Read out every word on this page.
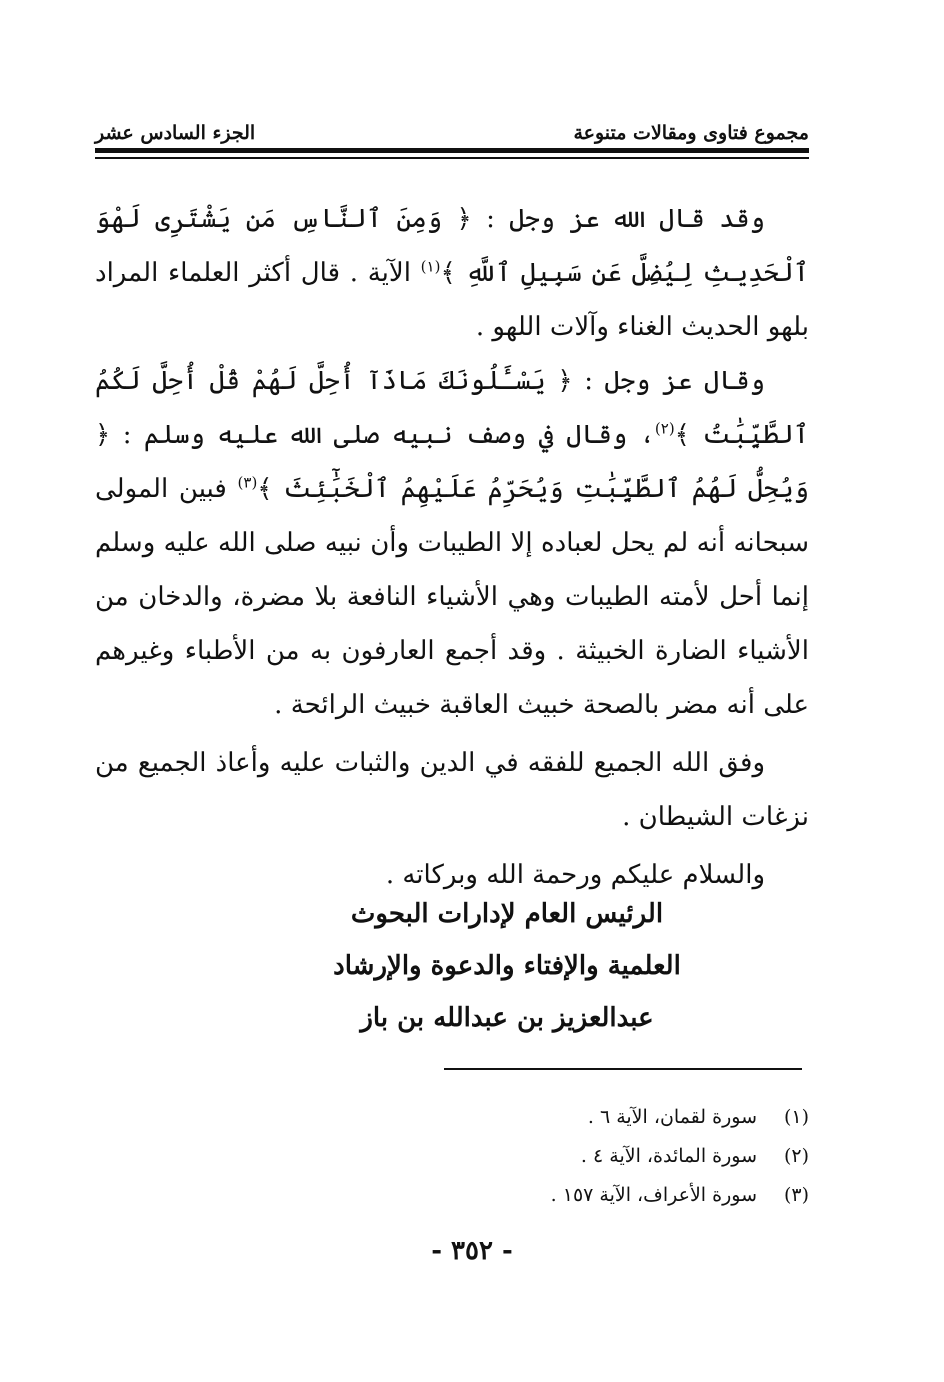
مجموع فتاوى ومقالات متنوعة
الجزء السادس عشر

وقد قال الله عز وجل : ﴿ وَمِنَ ٱلنَّاسِ مَن يَشْتَرِى لَهْوَ ٱلْحَدِيثِ لِيُضِلَّ عَن سَبِيلِ ٱللَّهِ ﴾$^{(١)}$ الآية . قال أكثر العلماء المراد بلهو الحديث الغناء وآلات اللهو .

وقال عز وجل : ﴿ يَسْـَٔلُونَكَ مَاذَآ أُحِلَّ لَهُمْ قُلْ أُحِلَّ لَكُمُ ٱلطَّيِّبَٰتُ ﴾$^{(٢)}$، وقال في وصف نبيه صلى الله عليه وسلم : ﴿ وَيُحِلُّ لَهُمُ ٱلطَّيِّبَٰتِ وَيُحَرِّمُ عَلَيْهِمُ ٱلْخَبَٰٓئِثَ ﴾$^{(٣)}$ فبين المولى سبحانه أنه لم يحل لعباده إلا الطيبات وأن نبيه صلى الله عليه وسلم إنما أحل لأمته الطيبات وهي الأشياء النافعة بلا مضرة، والدخان من الأشياء الضارة الخبيثة . وقد أجمع العارفون به من الأطباء وغيرهم على أنه مضر بالصحة خبيث العاقبة خبيث الرائحة .

وفق الله الجميع للفقه في الدين والثبات عليه وأعاذ الجميع من نزغات الشيطان .

والسلام عليكم ورحمة الله وبركاته .

الرئيس العام لإدارات البحوث
العلمية والإفتاء والدعوة والإرشاد
عبدالعزيز بن عبدالله بن باز
(١)
سورة لقمان، الآية ٦ .
(٢)
سورة المائدة، الآية ٤ .
(٣)
سورة الأعراف، الآية ١٥٧ .
- ٣٥٢ -
